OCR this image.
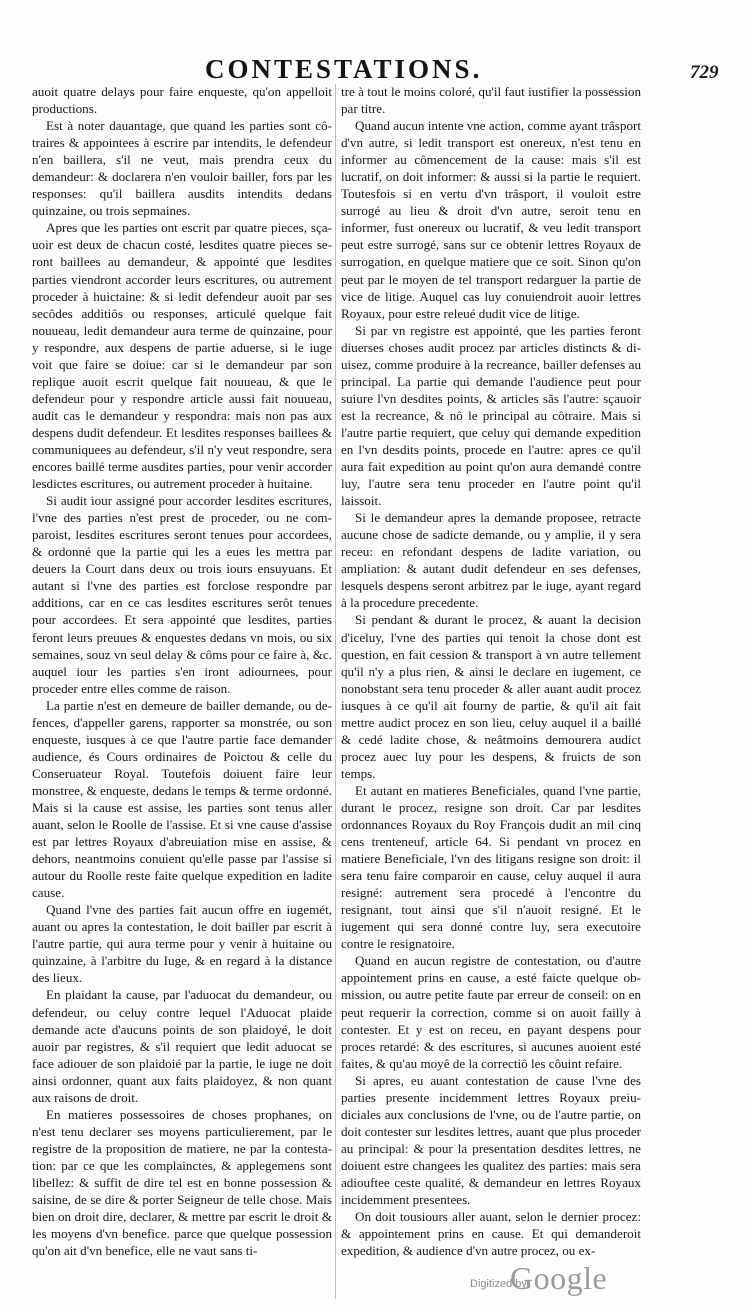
CONTESTATIONS.	729

auoit quatre delays pour faire enqueste, qu'on appelloit productions.

Est à noter dauantage, que quand les parties sont côtraires & appointees à escrire par intendits, le defendeur n'en baillera, s'il ne veut, mais prendra ceux du demandeur: & doclarera n'en vouloir bailler, fors par les responses: qu'il baillera ausdits intendits dedans quinzaine, ou trois sepmaines.

Apres que les parties ont escrit par quatre pieces, sçauoir est deux de chacun costé, lesdites quatre pieces seront baillees au demandeur, & appointé que lesdites parties viendront accorder leurs escritures, ou autrement proceder à huictaine: & si ledit defendeur auoit par ses secôdes additiôs ou responses, articulé quelque fait nouueau, ledit demandeur aura terme de quinzaine, pour y respondre, aux despens de partie aduerse, si le iuge voit que faire se doiue: car si le demandeur par son replique auoit escrit quelque fait nouueau, & que le defendeur pour y respondre article aussi fait nouueau, audit cas le demandeur y respondra: mais non pas aux despens dudit defendeur. Et lesdites responses baillees & communiquees au defendeur, s'il n'y veut respondre, sera encores baillé terme ausdites parties, pour venir accorder lesdictes escritures, ou autrement proceder à huitaine.

Si audit iour assigné pour accorder lesdites escritures, l'vne des parties n'est prest de proceder, ou ne comparoist, lesdites escritures seront tenues pour accordees, & ordonné que la partie qui les a eues les mettra par deuers la Court dans deux ou trois iours ensuyuans. Et autant si l'vne des parties est forclose respondre par additions, car en ce cas lesdites escritures serôt tenues pour accordees. Et sera appointé que lesdites, parties feront leurs preuues & enquestes dedans vn mois, ou six semaines, souz vn seul delay & côms pour ce faire à, &c. auquel iour les parties s'en iront adiournees, pour proceder entre elles comme de raison.

La partie n'est en demeure de bailler demande, ou defences, d'appeller garens, rapporter sa monstrée, ou son enqueste, iusques à ce que l'autre partie face demander audience, és Cours ordinaires de Poictou & celle du Conseruateur Royal. Toutefois doiuent faire leur monstree, & enqueste, dedans le temps & terme ordonné. Mais si la cause est assise, les parties sont tenus aller auant, selon le Roolle de l'assise. Et si vne cause d'assise est par lettres Royaux d'abreuiation mise en assise, & dehors, neantmoins conuient qu'elle passe par l'assise si autour du Roolle reste faite quelque expedition en ladite cause.

Quand l'vne des parties fait aucun offre en iugemét, auant ou apres la contestation, le doit bailler par escrit à l'autre partie, qui aura terme pour y venir à huitaine ou quinzaine, à l'arbitre du Iuge, & en regard à la distance des lieux.

En plaidant la cause, par l'aduocat du demandeur, ou defendeur, ou celuy contre lequel l'Aduocat plaide demande acte d'aucuns points de son plaidoyé, le doit auoir par registres, & s'il requiert que ledit aduocat se face adiouer de son plaidoié par la partie, le iuge ne doit ainsi ordonner, quant aux faits plaidoyez, & non quant aux raisons de droit.

En matieres possessoires de choses prophanes, on n'est tenu declarer ses moyens particulierement, par le registre de la proposition de matiere, ne par la contestation: par ce que les complainctes, & applegemens sont libellez: & suffit de dire tel est en bonne possession & saisine, de se dire & porter Seigneur de telle chose. Mais bien on droit dire, declarer, & mettre par escrit le droit & les moyens d'vn benefice. parce que quelque possession qu'on ait d'vn benefice, elle ne vaut sans ti-

tre à tout le moins coloré, qu'il faut iustifier la possession par titre.

Quand aucun intente vne action, comme ayant trâsport d'vn autre, si ledit transport est onereux, n'est tenu en informer au cômencement de la cause: mais s'il est lucratif, on doit informer: & aussi si la partie le requiert. Toutesfois si en vertu d'vn trâsport, il vouloit estre surrogé au lieu & droit d'vn autre, seroit tenu en informer, fust onereux ou lucratif, & veu ledit transport peut estre surrogé, sans sur ce obtenir lettres Royaux de surrogation, en quelque matiere que ce soit. Sinon qu'on peut par le moyen de tel transport redarguer la partie de vice de litige. Auquel cas luy conuiendroit auoir lettres Royaux, pour estre releué dudit vice de litige.

Si par vn registre est appointé, que les parties feront diuerses choses audit procez par articles distincts & diuisez, comme produire à la recreance, bailler defenses au principal. La partie qui demande l'audience peut pour suiure l'vn desdites points, & articles sãs l'autre: sçauoir est la recreance, & nô le principal au côtraire. Mais si l'autre partie requiert, que celuy qui demande expedition en l'vn desdits points, procede en l'autre: apres ce qu'il aura fait expedition au point qu'on aura demandé contre luy, l'autre sera tenu proceder en l'autre point qu'il laissoit.

Si le demandeur apres la demande proposee, retracte aucune chose de sadicte demande, ou y amplie, il y sera receu: en refondant despens de ladite variation, ou ampliation: & autant dudit defendeur en ses defenses, lesquels despens seront arbitrez par le iuge, ayant regard à la procedure precedente.

Si pendant & durant le procez, & auant la decision d'iceluy, l'vne des parties qui tenoit la chose dont est question, en fait cession & transport à vn autre tellement qu'il n'y a plus rien, & ainsi le declare en iugement, ce nonobstant sera tenu proceder & aller auant audit procez iusques à ce qu'il ait fourny de partie, & qu'il ait fait mettre audict procez en son lieu, celuy auquel il a baillé & cedé ladite chose, & neâtmoins demourera audict procez auec luy pour les despens, & fruicts de son temps.

Et autant en matieres Beneficiales, quand l'vne partie, durant le procez, resigne son droit. Car par lesdites ordonnances Royaux du Roy François dudit an mil cinq cens trenteneuf, article 64. Si pendant vn procez en matiere Beneficiale, l'vn des litigans resigne son droit: il sera tenu faire comparoir en cause, celuy auquel il aura resigné: autrement sera procedé à l'encontre du resignant, tout ainsi que s'il n'auoit resigné. Et le iugement qui sera donné contre luy, sera executoire contre le resignatoire.

Quand en aucun registre de contestation, ou d'autre appointement prins en cause, a esté faicte quelque obmission, ou autre petite faute par erreur de conseil: on en peut requerir la correction, comme si on auoit failly à contester. Et y est on receu, en payant despens pour proces retardé: & des escritures, si aucunes auoient esté faites, & qu'au moyê de la correctiô les côuint refaire.

Si apres, eu auant contestation de cause l'vne des parties presente incidemment lettres Royaux preiudiciales aux conclusions de l'vne, ou de l'autre partie, on doit contester sur lesdites lettres, auant que plus proceder au principal: & pour la presentation desdites lettres, ne doiuent estre changees les qualitez des parties: mais sera adiouftee ceste qualité, & demandeur en lettres Royaux incidemment presentees.

On doit tousiours aller auant, selon le dernier procez: & appointement prins en cause. Et qui demanderoit expedition, & audience d'vn autre procez, ou ex-

Digitized by
Google
